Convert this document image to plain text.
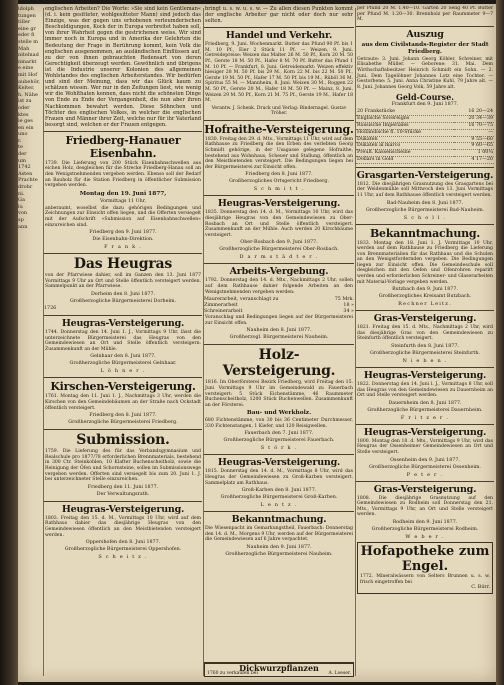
ldolph
tungen
tiller
eine gr
eder fi
stelle m
Mah
nitelnad
nmarkt
e eine
mit Hof
aubehör,
Kelter,
h. Nähe
ist zu
oder
ktes
ie ges
en ein
uno
r.
te
der
um
1742
Asten
Prachte
drohr
ni.
Ga
lu
von
sp
ann

englischen Arbeiten? Die Worte: »Sie sind kein Gentleman« (d. i. kein gesitteter, wohlgesitteter Mann) sind jedoch das Einzige, was der gegen uns erhobenen verleumderischen Beschuldigungen, Kock der in Europa verbreitet haben soll, von ihrer Wahrheit gegen die gestrichenen weiss. Wir sind immer noch in Europa und in Amerika der Gelehrten die Bedeutung der Frage in Berührung kommt, kein Volk die englischen ausgenommen, an ausländischen Einflüssen auf, zu der von ihnen gebrauchten Redensart von deren Gerechtigkeit überzeugt werden. Gewöhnlich und übrigens ist die Industrie unserer Kolonien des allgemeinen Wohlstandes des englischen Arbeiterstandes. Wir bedürfen und sind der Meinung, dass wir das Glück kaum zu schätzen wissen. Wer nur in den Zeitungen liest, wie wenig wir die Wohlthaten kennen, dass nicht die schönsten Dinge von Ende zu Ende der Vergangenheit, die nun aber ihren Nachkommen bewahrt werden. Diese Söhnchen und Töchter des englischen Volkes, in welcher die englischen Frauen und Männer ihrer Zeit, welche nur für ihr Vaterland besorgt sind, welchen er der Frauen entgegen.

Friedberg-Hanauer Eisenbahn.

1739. Die Lieferung von 200 Stück Eisenbahnschwellen aus eichen Holz, desgleichen für die Strecke Friedberg-Hanau soll an den Wenigstnehmenden vergeben werden. Ebenso soll der Bedarf an Bauholz für die Station Friedberg in öffentlicher Submission vergeben werden.

Montag den 19. Juni 1877,
Vormittags 11 Uhr,

anberaumt, woselbst die dazu gehörigen Bedingungen und Zeichnungen zur Einsicht offen liegen, und die Offerten versiegelt mit der Aufschrift »Submission auf Eisenbahnschwellen« einzureichen sind.

Friedberg den 9. Juni 1877.
Die Eisenbahn-Direktion.
F r a n k .
Das Heugras

von der Pfarrwiese dahier, soll im Ganzen den 13. Juni 1877 Vormittags 9 Uhr an Ort und Stelle öffentlich versteigert werden. Sammelpunkt an der Pfarrwiese.

Dorheim den 8. Juni 1877.
Großherzogliche Bürgermeisterei Dorheim.
1726
Heugras-Versteigerung.

1744. Donnerstag den 14. Juni 1. J., Vormittags 9 Uhr, lässt die unterzeichnete Bürgermeisterei das Heugras von den Gemeindewiesen an Ort und Stelle öffentlich versteigern. Zusammenkunft an der Mühle.

Gelnhaar den 8. Juni 1877.
Großherzogliche Bürgermeisterei Gelnhaar.
L ö h n e r .
Kirschen-Versteigerung.

1761. Montag den 11. Juni 1. J., Nachmittags 3 Uhr, werden die Kirschen von den Gemeindebäumen an der Straße nach Ockstadt öffentlich versteigert.

Friedberg den 8. Juni 1877.
Großherzogliche Bürgermeisterei Friedberg.
Submission.

1759. Die Lieferung des für das Verbandsgymnasium und Realschule pro 1877/78 erforderlichen Brennmaterials, bestehend in 300 Ctr. Steinkohlen, 10 Klafter Buchenscheitholz, sowie die Reinigung der Öfen und Schornsteine, sollen im Submissionswege vergeben werden. Offerten sind versiegelt bis zum 20. Juni 1. J. bei unterzeichneter Stelle einzureichen.

Friedberg den 11. Juni 1877.
Der Verwaltungsrath.
Heugras-Versteigerung.

1803. Freitag den 15. d. M., Vormittags 10 Uhr, wird auf dem Rathhaus dahier das diesjährige Heugras von den Gemeindewiesen öffentlich an den Meistbietenden versteigert werden.

Oppershofen den 8. Juni 1877.
Großherzogliche Bürgermeisterei Oppershofen.
S c h e i t z .

bringt u. s. w. u. s. w. — Zu allen diesen Punkten kommt der englische Arbeiter gar nicht oder doch nur sehr selten.

Handel und Verkehr.

Friedberg, 9. Juni. Wochenmarkt. Butter das Pfund 90 Pf. bis 1 M. 10 Pf., Eier 2 Stück 11 Pf. — Weizen, 9. Juni. Getreidepreise: Weizen das Malter 26 M. 50 Pf., Korn 20 M. 50 Pf., Gerste 18 M. 50 Pf., Hafer 8 M. 70 Pf. Butter das Pfund 1 M. 10 Pf. — Frankfurt, 8. Juni. Getreidemarkt: Weizen effektiv hiesiger 28 M. 50 Pf. bis 29 M., Korn 22 M. bis 22 M. 50 Pf., Gerste 19 M. 50 Pf., Hafer 17 M. 50 Pf. bis 19 M., Rüböl 36 M. Spiritus 55 M. — Mannheim, 8. Juni. Weizen 30 M., Roggen 22 M. 50 Pf., Gerste 20 M., Hafer 18 M. 50 Pf. — Mainz, 8. Juni. Weizen 29 M. 50 Pf., Korn 21 M. 75 Pf., Gerste 19 M., Hafer 18 M.

Verantw. J. Schenk. Druck und Verlag: Bindernagel. Gustav Tröher.
Hofraithe-Versteigerung.

1830. Freitag den 29. d. Mts., Vormittags 11 Uhr, wird auf dem Rathhause zu Friedberg die den Erben des verlebten Georg Schmidt gehörige, in der Usagasse gelegene Hofraithe, bestehend aus Wohnhaus, Scheuer und Stallung, öffentlich an den Meistbietenden versteigert. Die Bedingungen liegen bei der Bürgermeisterei zur Einsicht offen.

Friedberg den 8. Juni 1877.
Großherzogliches Ortsgericht Friedberg.
S c h m i t t .
Heugras-Versteigerung.

1835. Donnerstag den 14. d. M., Vormittags 10 Uhr, wird das diesjährige Heugras von den Gemeindewiesen zu Ober-Rosbach an Ort und Stelle öffentlich versteigert. Zusammenkunft an der Mühle. Auch werden 20 Kirschbäume versteigert.

Ober-Rosbach den 9. Juni 1877.
Großherzogliche Bürgermeisterei Ober-Rosbach.
D a r m s t ä d t e r .
Arbeits-Vergebung.

1792. Donnerstag den 14. d. Mts., Nachmittags 2 Uhr, sollen auf dem Rathhause dahier folgende Arbeiten an den Wenigstnehmenden vergeben werden:

Maurerarbeit, veranschlagt zu	75 Mrk.
Zimmerarbeit	18 »
Schreinerarbeit	34 »

Voranschlag und Bedingungen liegen auf der Bürgermeisterei zur Einsicht offen.

Nauheim den 8. Juni 1877.
Großherzogl. Bürgermeisterei Nauheim.
Holz-Versteigerung.

1816. Im Oberförsterei Bezirk Friedberg, wird Freitag den 15. Juni Vormittags 9 Uhr im Gemeindewald zu Fauerbach versteigert: 5 Stück Eichenstämme, 46 Raummeter Buchenscheitholz, 1200 Stück Buchenwellen. Zusammenkunft an der Försterei.

Bau- und Werkholz.

680 Fichtenstämme, von 30 bis 36 Centimeter Durchmesser, 330 Fichtenstangen, 1 Kiefer, und 120 Reisigwellen.

Fauerbach den 7. Juni 1877.
Großherzogliche Bürgermeisterei Fauerbach.
S t ö r k .
Heugras-Versteigerung.

1815. Donnerstag den 14. d. M., Vormittags 8 Uhr, wird das Heugras der Gemeindewiesen zu Groß-Karben versteigert. Sammelplatz am Rathhaus.

Groß-Karben den 8. Juni 1877.
Großherzogliche Bürgermeisterei Groß-Karben.
L e n t z .
Bekanntmachung.

Die Wiesenpacht im Gemarkungstheil, Fauerbach: Donnerstag den 14. d. M., Morgens 9 Uhr, werden auf der Bürgermeisterei die Gemeindewiesen auf 6 Jahre verpachtet.

Nauheim den 9. Juni 1877.
Großherzogliche Bürgermeisterei Nauheim.
Dickwurzpflanzen
1760 zu verkaufen bei	A. Loeser.

per Pfund 20 M. 1.40—10. Garten 20 Selig 40 Pf. Butter per Pfund M. 1.20—30. Brennholz per Raummeter 9—7 M.

Auszug
aus dem Civilstands-Register der Stadt Friedberg.

Getraute: 3. Juni. Johann Georg Köhler, Schreiner, mit Elisabethe Müller. — Geborene: 31. Mai. Dem Wirthschaftsbesitzer Heinrich Schmidt ein Sohn. — 2. Juni. Dem Tagelöhner Johannes Lotz eine Tochter. — Gestorbene: 5. Juni. Anna Christine Kuhl, 79 Jahre alt. — 8. Juni. Johannes Georg Volk, 59 Jahre alt.

Geld-Course.
Frankfurt den 9. Juni 1877.
20 Frankstücke	16 20—24
Englische Sovereigns	20 34—39
Russische Imperiales	16 70—75
Holländische fl. 10-Stücke	—
Dukaten	9 55—60
Dukaten al marco	9 60—65
Preuß. Kassenscheine	1 00¼
Dollars in Gold	4 17—20
Grasgarten-Versteigerung.

1812. Die diesjährigen Grasnutzung des Grasgartens bei der Weidenmühle soll Mittwoch den 13. Juni Vormittags 11 Uhr, auf dem Rathhause öffentlich versteigert werden.

Bad-Nauheim den 8. Juni 1877.
Großherzogliche Bürgermeisterei Bad-Nauheim.
S c h o l l .
Bekanntmachung.

1833. Montag den 18. Juni 1. J. Vormittags 10 Uhr, werden auf dem Rathhause zu Friedberg die Lieferung von Brennmaterialien für das Rathhaus und die Schulen an den Wenigstfordernden vergeben. Die Bedingungen liegen zur Einsicht offen. Die Gemeindeschule soll desgleichen mit den Oefen und Ofenrohren reparirt werden und erforderlichen Schreiner- und Glaserarbeiten mit Material-Vorlage vergeben werden.

Butzbach den 9. Juni 1877.
Großherzogliches Kreisamt Butzbach.
Rechner Leitz.
Gras-Versteigerung.

1821. Freitag den 15. d. Mts., Nachmittags 2 Uhr, wird das diesjährige Gras von den Gemeindewiesen zu Steinfurth öffentlich versteigert.

Steinfurth den 8. Juni 1877.
Großherzogliche Bürgermeisterei Steinfurth.
N i e b e n .
Heugras-Versteigerung.

1822. Donnerstag den 14. Juni l. J., Vormittags 8 Uhr, soll das Heugras von den Gemeindewiesen zu Dauernheim an Ort und Stelle versteigert werden.

Dauernheim den 8. Juni 1877.
Großherzogliche Bürgermeisterei Dauernheim.
F r i t z e r .
Heugras-Versteigerung.

1800. Montag den 18. d. Mts., Vormittags 9 Uhr, wird das Heugras der Ossenheimer Gemeindewiesen an Ort und Stelle versteigert.

Ossenheim den 9. Juni 1877.
Großherzogliche Bürgermeisterei Ossenheim.
P e t e r .
Gras-Versteigerung.

1808. Die diesjährige Grasnutzung auf den Gemeindewiesen zu Rodheim soll Donnerstag den 21. Mts., Vormittags 9 Uhr, an Ort und Stelle versteigert werden.

Rodheim den 9. Juni 1877.
Großherzogliche Bürgermeisterei Rodheim.
W e b e r .
Hofapotheke zum Engel.

1772. Mineralwässern von Selters Brunnen u. s. w. frisch eingetroffen bei

C. Bürr.
